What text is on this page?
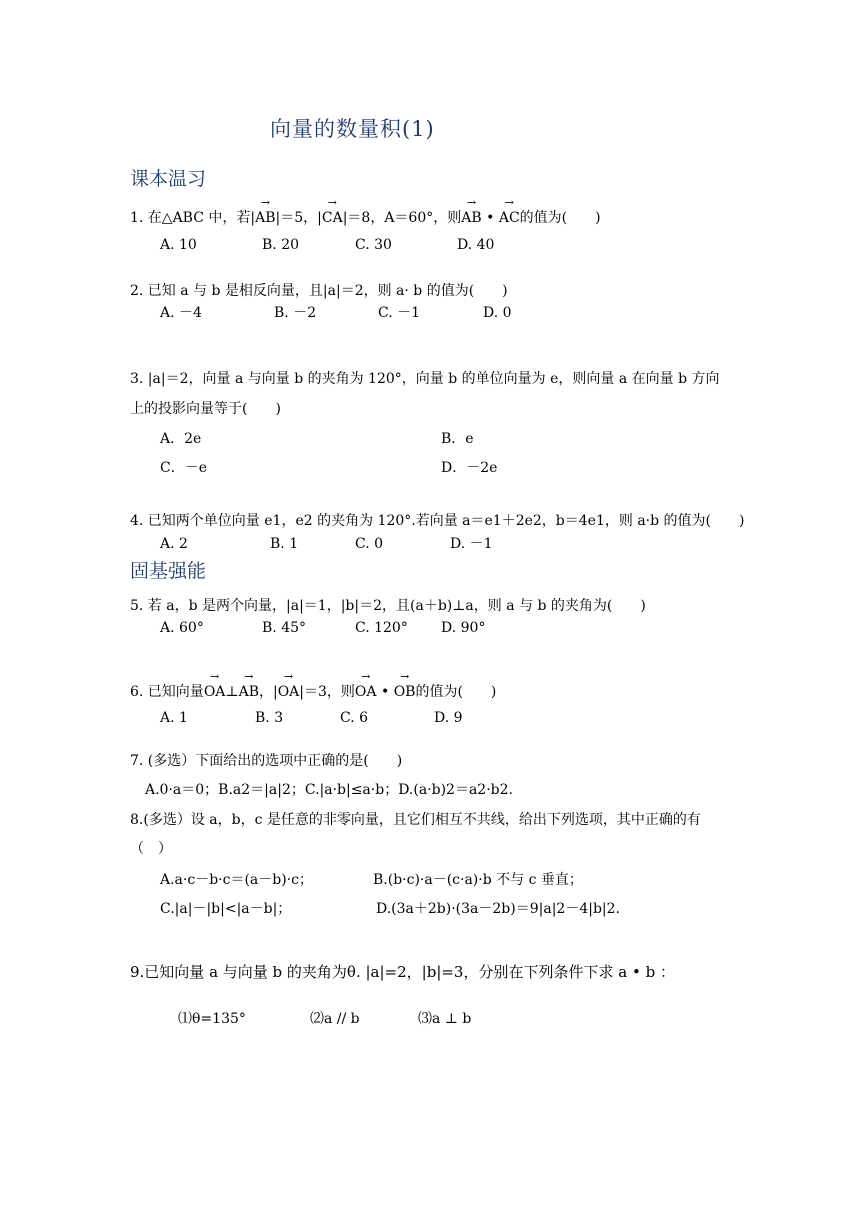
向量的数量积(1)
课本温习
1. 在△ABC 中，若|→ AB|＝5，|→ CA|＝8，A＝60°，则→ AB • → AC的值为(　　)
A. 10	B. 20	C. 30	D. 40
2. 已知 a 与 b 是相反向量，且|a|＝2，则 a· b 的值为(　　)
A. －4	B. －2	C. －1	D. 0
3. |a|＝2，向量 a 与向量 b 的夹角为 120°，向量 b 的单位向量为 e，则向量 a 在向量 b 方向
上的投影向量等于(　　)
A．2e	B．e
C．－e	D．－2e
4. 已知两个单位向量 e1，e2 的夹角为 120°.若向量 a＝e1＋2e2，b＝4e1，则 a·b 的值为(　　)
A. 2	B. 1	C. 0	D. －1
固基强能
5. 若 a，b 是两个向量，|a|＝1，|b|＝2，且(a＋b)⊥a，则 a 与 b 的夹角为(　　)
A. 60°	B. 45°	C. 120° D. 90°
6. 已知向量→ OA⊥→ AB，|→ OA|＝3，则→ OA • → OB的值为(　　)
A. 1	B. 3	C. 6	D. 9
7. (多选）下面给出的选项中正确的是(　　)
A.0·a＝0；B.a2＝|a|2；C.|a·b|≤a·b；D.(a·b)2＝a2·b2.
8.(多选）设 a，b，c 是任意的非零向量，且它们相互不共线，给出下列选项，其中正确的有
（　）
A.a·c－b·c＝(a－b)·c；	B.(b·c)·a－(c·a)·b 不与 c 垂直；
C.|a|－|b|<|a－b|；	D.(3a＋2b)·(3a－2b)＝9|a|2－4|b|2.
9.已知向量 a 与向量 b 的夹角为θ. |a|=2，|b|=3，分别在下列条件下求 a • b ：
⑴θ=135°	⑵a // b	⑶a ⊥ b
